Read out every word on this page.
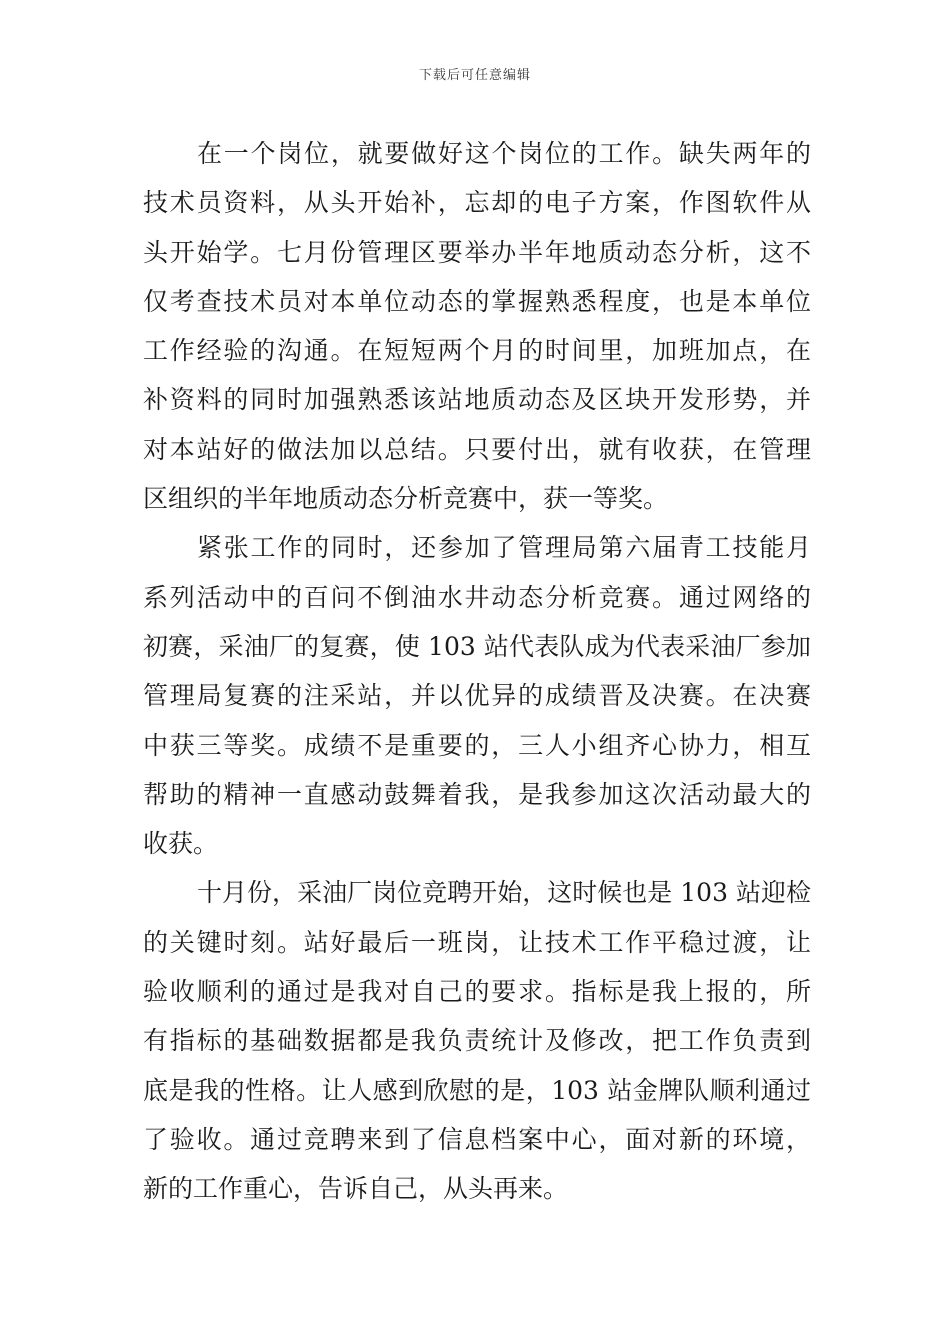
下载后可任意编辑
在一个岗位，就要做好这个岗位的工作。缺失两年的
技术员资料，从头开始补，忘却的电子方案，作图软件从
头开始学。七月份管理区要举办半年地质动态分析，这不
仅考查技术员对本单位动态的掌握熟悉程度，也是本单位
工作经验的沟通。在短短两个月的时间里，加班加点，在
补资料的同时加强熟悉该站地质动态及区块开发形势，并
对本站好的做法加以总结。只要付出，就有收获，在管理
区组织的半年地质动态分析竞赛中，获一等奖。
紧张工作的同时，还参加了管理局第六届青工技能月
系列活动中的百问不倒油水井动态分析竞赛。通过网络的
初赛，采油厂的复赛，使 103 站代表队成为代表采油厂参加
管理局复赛的注采站，并以优异的成绩晋及决赛。在决赛
中获三等奖。成绩不是重要的，三人小组齐心协力，相互
帮助的精神一直感动鼓舞着我，是我参加这次活动最大的
收获。
十月份，采油厂岗位竞聘开始，这时候也是 103 站迎检
的关键时刻。站好最后一班岗，让技术工作平稳过渡，让
验收顺利的通过是我对自己的要求。指标是我上报的，所
有指标的基础数据都是我负责统计及修改，把工作负责到
底是我的性格。让人感到欣慰的是，103 站金牌队顺利通过
了验收。通过竞聘来到了信息档案中心，面对新的环境，
新的工作重心，告诉自己，从头再来。
